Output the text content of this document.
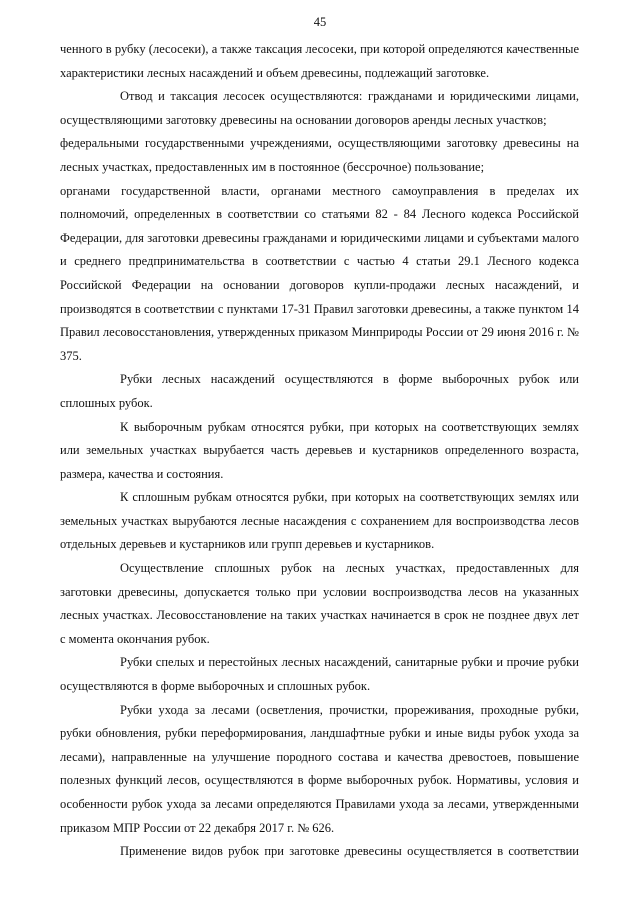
45

ченного в рубку (лесосеки), а также таксация лесосеки, при которой определяются качественные характеристики лесных насаждений и объем древесины, подлежащий заготовке.

Отвод и таксация лесосек осуществляются: гражданами и юридическими лицами, осуществляющими заготовку древесины на основании договоров аренды лесных участков;

федеральными государственными учреждениями, осуществляющими заготовку древесины на лесных участках, предоставленных им в постоянное (бессрочное) пользование;

органами государственной власти, органами местного самоуправления в пределах их полномочий, определенных в соответствии со статьями 82 - 84 Лесного кодекса Российской Федерации, для заготовки древесины гражданами и юридическими лицами и субъектами малого и среднего предпринимательства в соответствии с частью 4 статьи 29.1 Лесного кодекса Российской Федерации на основании договоров купли-продажи лесных насаждений, и производятся в соответствии с пунктами 17-31 Правил заготовки древесины, а также пунктом 14 Правил лесовосстановления, утвержденных приказом Минприроды России от 29 июня 2016 г. № 375.

Рубки лесных насаждений осуществляются в форме выборочных рубок или сплошных рубок.

К выборочным рубкам относятся рубки, при которых на соответствующих землях или земельных участках вырубается часть деревьев и кустарников определенного возраста, размера, качества и состояния.

К сплошным рубкам относятся рубки, при которых на соответствующих землях или земельных участках вырубаются лесные насаждения с сохранением для воспроизводства лесов отдельных деревьев и кустарников или групп деревьев и кустарников.

Осуществление сплошных рубок на лесных участках, предоставленных для заготовки древесины, допускается только при условии воспроизводства лесов на указанных лесных участках. Лесовосстановление на таких участках начинается в срок не позднее двух лет с момента окончания рубок.

Рубки спелых и перестойных лесных насаждений, санитарные рубки и прочие рубки осуществляются в форме выборочных и сплошных рубок.

Рубки ухода за лесами (осветления, прочистки, прореживания, проходные рубки, рубки обновления, рубки переформирования, ландшафтные рубки и иные виды рубок ухода за лесами), направленные на улучшение породного состава и качества древостоев, повышение полезных функций лесов, осуществляются в форме выборочных рубок. Нормативы, условия и особенности рубок ухода за лесами определяются Правилами ухода за лесами, утвержденными приказом МПР России от 22 декабря 2017 г. № 626.

Применение видов рубок при заготовке древесины осуществляется в соответствии
